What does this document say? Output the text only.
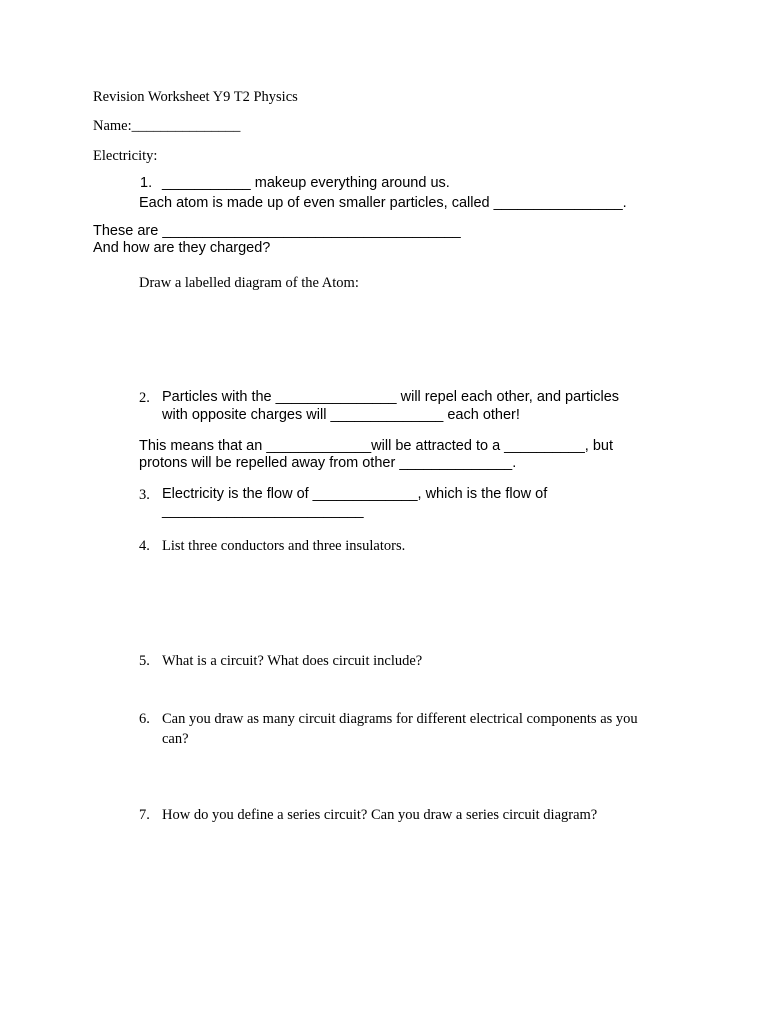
Revision Worksheet Y9 T2 Physics
Name:_______________
Electricity:
1. ___________ makeup everything around us.
Each atom is made up of even smaller particles, called ________________.
These are _____________________________________
And how are they charged?
Draw a labelled diagram of the Atom:
2. Particles with the _______________ will repel each other, and particles
with opposite charges will ______________ each other!
This means that an _____________will be attracted to a __________, but
protons will be repelled away from other ______________.
3. Electricity is the flow of _____________, which is the flow of
_________________________
4. List three conductors and three insulators.
5. What is a circuit? What does circuit include?
6. Can you draw as many circuit diagrams for different electrical components as you
can?
7. How do you define a series circuit? Can you draw a series circuit diagram?
